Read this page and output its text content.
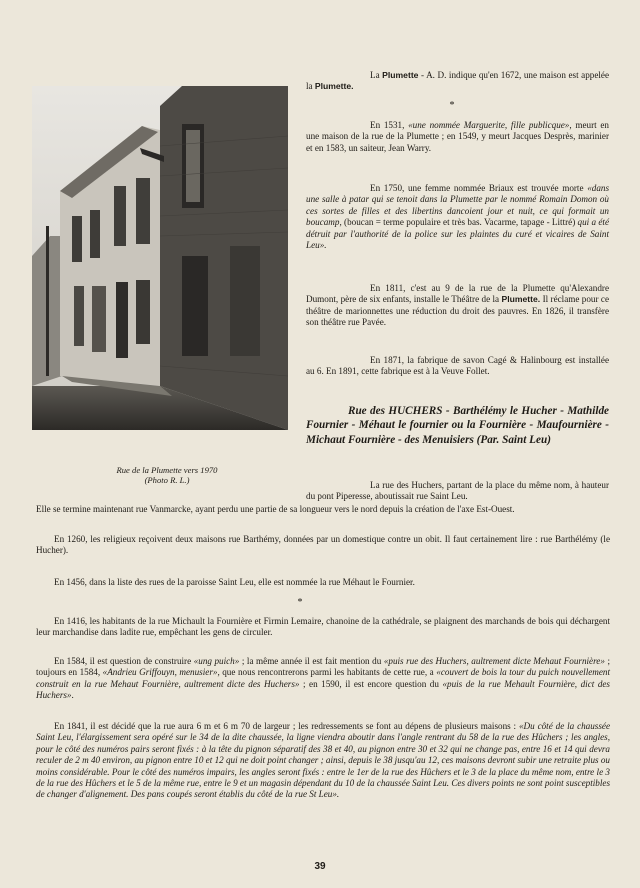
Rue de la Plumette vers 1970
(Photo R. L.)

La Plumette - A. D. indique qu'en 1672, une maison est appelée la Plumette.

*

En 1531, «une nommée Marguerite, fille publicque», meurt en une maison de la rue de la Plumette ; en 1549, y meurt Jacques Desprès, marinier et en 1583, un saiteur, Jean Warry.

En 1750, une femme nommée Briaux est trouvée morte «dans une salle à patar qui se tenoit dans la Plumette par le nommé Romain Domon où ces sortes de filles et des libertins dancoient jour et nuit, ce qui formait un boucamp, (boucan = terme populaire et très bas. Vacarme, tapage - Littré) qui a été détruit par l'authorité de la police sur les plaintes du curé et vicaires de Saint Leu».

En 1811, c'est au 9 de la rue de la Plumette qu'Alexandre Dumont, père de six enfants, installe le Théâtre de la Plumette. Il réclame pour ce théâtre de marionnettes une réduction du droit des pauvres. En 1826, il transfère son théâtre rue Pavée.

En 1871, la fabrique de savon Cagé & Halinbourg est installée au 6. En 1891, cette fabrique est à la Veuve Follet.

Rue des HUCHERS - Barthélémy le Hucher - Mathilde Fournier - Méhaut le fournier ou la Fournière - Maufournière - Michaut Fournière - des Menuisiers (Par. Saint Leu)

La rue des Huchers, partant de la place du même nom, à hauteur du pont Piperesse, aboutissait rue Saint Leu.

Elle se termine maintenant rue Vanmarcke, ayant perdu une partie de sa longueur vers le nord depuis la création de l'axe Est-Ouest.

En 1260, les religieux reçoivent deux maisons rue Barthémy, données par un domestique contre un obit. Il faut certainement lire : rue Barthélémy (le Hucher).

En 1456, dans la liste des rues de la paroisse Saint Leu, elle est nommée la rue Méhaut le Fournier.

*

En 1416, les habitants de la rue Michault la Fournière et Firmin Lemaire, chanoine de la cathédrale, se plaignent des marchands de bois qui déchargent leur marchandise dans ladite rue, empêchant les gens de circuler.

En 1584, il est question de construire «ung puich» ; la même année il est fait mention du «puis rue des Huchers, aultrement dicte Mehaut Fournière» ; toujours en 1584, «Andrieu Griffouyn, menusier», que nous rencontrerons parmi les habitants de cette rue, a «couvert de bois la tour du puich nouvellement construit en la rue Mehaut Fournière, aultrement dicte des Huchers» ; en 1590, il est encore question du «puis de la rue Mehault Fournière, dict des Huchers».

En 1841, il est décidé que la rue aura 6 m et 6 m 70 de largeur ; les redressements se font au dépens de plusieurs maisons : «Du côté de la chaussée Saint Leu, l'élargissement sera opéré sur le 34 de la dite chaussée, la ligne viendra aboutir dans l'angle rentrant du 58 de la rue des Hûchers ; les angles, pour le côté des numéros pairs seront fixés : à la tête du pignon séparatif des 38 et 40, au pignon entre 30 et 32 qui ne change pas, entre 16 et 14 qui devra reculer de 2 m 40 environ, au pignon entre 10 et 12 qui ne doit point changer ; ainsi, depuis le 38 jusqu'au 12, ces maisons devront subir une retraite plus ou moins considérable. Pour le côté des numéros impairs, les angles seront fixés : entre le 1er de la rue des Hûchers et le 3 de la place du même nom, entre le 3 de la rue des Hûchers et le 5 de la même rue, entre le 9 et un magasin dépendant du 10 de la chaussée Saint Leu. Ces divers points ne sont point susceptibles de changer d'alignement. Des pans coupés seront établis du côté de la rue St Leu».

39
